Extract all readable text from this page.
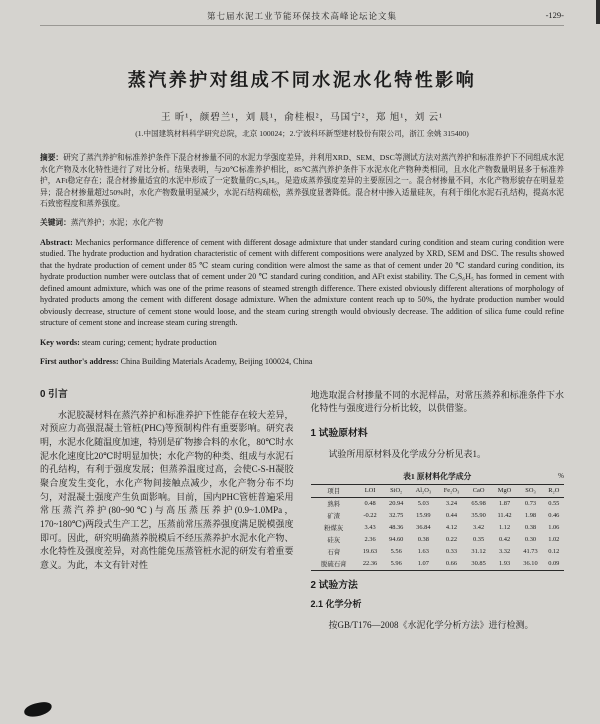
第七届水泥工业节能环保技术高峰论坛论文集	-129-
蒸汽养护对组成不同水泥水化特性影响
王 昕¹，颜碧兰¹，刘 晨¹，俞桂根²，马国宁²，郑 旭¹，刘 云¹
(1.中国建筑材料科学研究总院，北京 100024；2.宁波科环新型建材股份有限公司，浙江 余姚 315400)

摘要：研究了蒸汽养护和标准养护条件下混合材掺量不同的水泥力学强度差异，并利用XRD、SEM、DSC等测试方法对蒸汽养护和标准养护下不同组成水泥水化产物及水化特性进行了对比分析。结果表明，与20℃标准养护相比，85℃蒸汽养护条件下水泥水化产物种类相同，且水化产物数量明显多于标准养护，AFt稳定存在；混合材掺量适宜的水泥中形成了一定数量的C₅S₆H₅，是造成蒸养强度差异的主要原因之一。混合材掺量不同，水化产物形貌存在明显差异；混合材掺量超过50%时，水化产物数量明显减少，水泥石结构疏松，蒸养强度显著降低。混合材中掺入适量硅灰，有利于细化水泥石孔结构，提高水泥石致密程度和蒸养强度。

关键词：蒸汽养护；水泥；水化产物

Abstract: Mechanics performance difference of cement with different dosage admixture that under standard curing condition and steam curing condition were studied. The hydrate production and hydration characteristic of cement with different compositions were analyzed by XRD, SEM and DSC. The results showed that the hydrate production of cement under 85 ℃ steam curing condition were almost the same as that of cement under 20 ℃ standard curing condition, its hydrate production number were outclass that of cement under 20 ℃ standard curing condition, and AFt exist stability. The C₅S₆H₅ has formed in cement with defined amount admixture, which was one of the prime reasons of steamed strength difference. There existed obviously different alterations of morphology of hydrated products among the cement with different dosage admixture. When the admixture content reach up to 50%, the hydrate production number would obviously decrease, structure of cement stone would loose, and the steam curing strength would obviously decrease. The addition of silica fume could refine structure of cement stone and increase steam curing strength.

Key words: steam curing; cement; hydrate production

First author's address: China Building Materials Academy, Beijing 100024, China

0 引言

水泥胶凝材料在蒸汽养护和标准养护下性能存在较大差异，对预应力高强混凝土管桩(PHC)等预制构件有重要影响。研究表明，水泥水化随温度加速，特别是矿物掺合料的水化，80℃时水泥水化速度比20℃时明显加快；水化产物的种类、组成与水泥石的孔结构，有利于强度发展；但蒸养温度过高，会使C-S-H凝胶聚合度发生变化，水化产物间接触点减少，水化产物分布不均匀，对混凝土强度产生负面影响。目前，国内PHC管桩普遍采用常压蒸汽养护(80~90℃)与高压蒸压养护(0.9~1.0MPa，170~180℃)两段式生产工艺，压蒸前常压蒸养强度满足脱模强度即可。因此，研究明确蒸养脱模后不经压蒸养护水泥水化产物、水化特性及强度差异，对高性能免压蒸管桩水泥的研发有着重要意义。为此，本文有针对性

地选取混合材掺量不同的水泥样品，对常压蒸养和标准条件下水化特性与强度进行分析比较，以供借鉴。

1 试验原材料

试验所用原材料及化学成分分析见表1。

表1 原材料化学成分	%
项目	LOI	SiO₂	Al₂O₃	Fe₂O₃	CaO	MgO	SO₃	R₂O
熟料	0.48	20.94	5.03	3.24	65.98	1.87	0.73	0.55
矿渣	-0.22	32.75	15.99	0.44	35.90	11.42	1.98	0.46
粉煤灰	3.43	48.36	36.84	4.12	3.42	1.12	0.38	1.06
硅灰	2.36	94.60	0.38	0.22	0.35	0.42	0.30	1.02
石膏	19.63	5.56	1.63	0.33	31.12	3.32	41.73	0.12
脱硫石膏	22.36	5.96	1.07	0.66	30.85	1.93	36.10	0.09
2 试验方法
2.1 化学分析

按GB/T176—2008《水泥化学分析方法》进行检测。
